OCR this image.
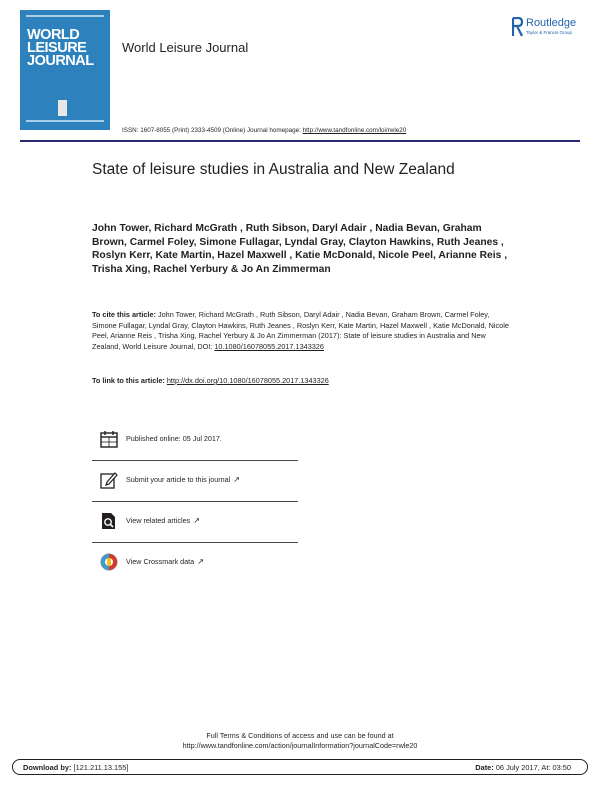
WORLD
LEISURE
JOURNAL
World Leisure Journal
Routledge
Taylor & Francis Group
ISSN: 1607-8055 (Print) 2333-4509 (Online) Journal homepage: http://www.tandfonline.com/loi/rwle20
State of leisure studies in Australia and New Zealand
John Tower, Richard McGrath , Ruth Sibson, Daryl Adair , Nadia Bevan, Graham Brown, Carmel Foley, Simone Fullagar, Lyndal Gray, Clayton Hawkins, Ruth Jeanes , Roslyn Kerr, Kate Martin, Hazel Maxwell , Katie McDonald, Nicole Peel, Arianne Reis , Trisha Xing, Rachel Yerbury & Jo An Zimmerman
To cite this article: John Tower, Richard McGrath , Ruth Sibson, Daryl Adair , Nadia Bevan, Graham Brown, Carmel Foley, Simone Fullagar, Lyndal Gray, Clayton Hawkins, Ruth Jeanes , Roslyn Kerr, Kate Martin, Hazel Maxwell , Katie McDonald, Nicole Peel, Arianne Reis , Trisha Xing, Rachel Yerbury & Jo An Zimmerman (2017): State of leisure studies in Australia and New Zealand, World Leisure Journal, DOI: 10.1080/16078055.2017.1343326
To link to this article: http://dx.doi.org/10.1080/16078055.2017.1343326
Published online: 05 Jul 2017.
Submit your article to this journal ↗
View related articles ↗
View Crossmark data ↗
Full Terms & Conditions of access and use can be found at
http://www.tandfonline.com/action/journalInformation?journalCode=rwle20
Download by: [121.211.13.155]	Date: 06 July 2017, At: 03:50
